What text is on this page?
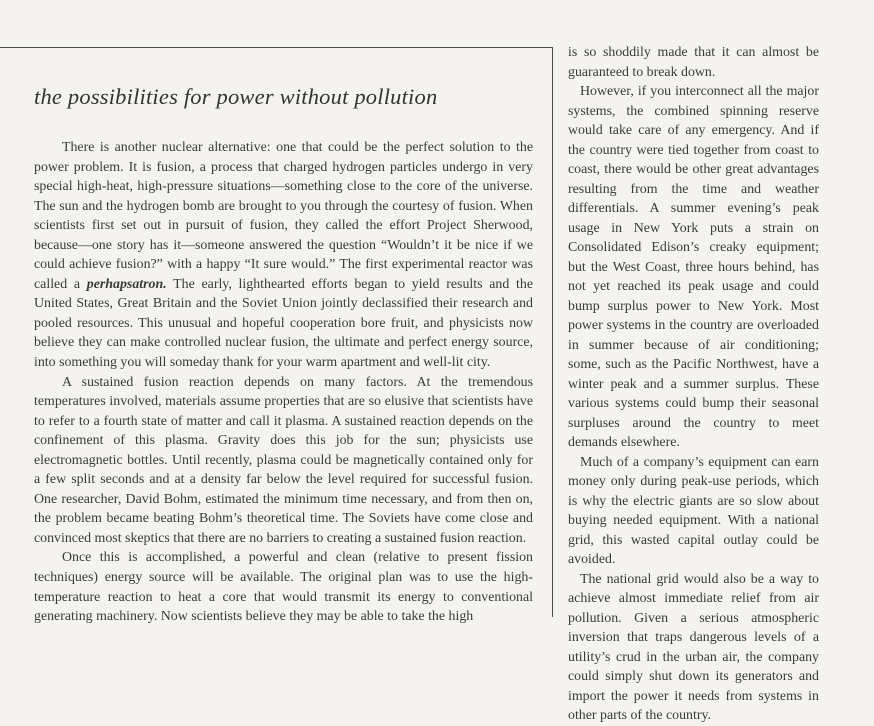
the possibilities for power without pollution

There is another nuclear alternative: one that could be the perfect solution to the power problem. It is fusion, a process that charged hydrogen particles undergo in very special high-heat, high-pressure situations—something close to the core of the universe. The sun and the hydrogen bomb are brought to you through the courtesy of fusion. When scientists first set out in pursuit of fusion, they called the effort Project Sherwood, because—one story has it—someone answered the question “Wouldn’t it be nice if we could achieve fusion?” with a happy “It sure would.” The first experimental reactor was called a perhapsatron. The early, lighthearted efforts began to yield results and the United States, Great Britain and the Soviet Union jointly declassified their research and pooled resources. This unusual and hopeful cooperation bore fruit, and physicists now believe they can make controlled nuclear fusion, the ultimate and perfect energy source, into something you will someday thank for your warm apartment and well-lit city.

A sustained fusion reaction depends on many factors. At the tremendous temperatures involved, materials assume properties that are so elusive that scientists have to refer to a fourth state of matter and call it plasma. A sustained reaction depends on the confinement of this plasma. Gravity does this job for the sun; physicists use electromagnetic bottles. Until recently, plasma could be magnetically contained only for a few split seconds and at a density far below the level required for successful fusion. One researcher, David Bohm, estimated the minimum time necessary, and from then on, the problem became beating Bohm’s theoretical time. The Soviets have come close and convinced most skeptics that there are no barriers to creating a sustained fusion reaction.

Once this is accomplished, a powerful and clean (relative to present fission techniques) energy source will be available. The original plan was to use the high-temperature reaction to heat a core that would transmit its energy to conventional generating machinery. Now scientists believe they may be able to take the high

is so shoddily made that it can almost be guaranteed to break down.

However, if you interconnect all the major systems, the combined spinning reserve would take care of any emergency. And if the country were tied together from coast to coast, there would be other great advantages resulting from the time and weather differentials. A summer evening’s peak usage in New York puts a strain on Consolidated Edison’s creaky equipment; but the West Coast, three hours behind, has not yet reached its peak usage and could bump surplus power to New York. Most power systems in the country are overloaded in summer because of air conditioning; some, such as the Pacific Northwest, have a winter peak and a summer surplus. These various systems could bump their seasonal surpluses around the country to meet demands elsewhere.

Much of a company’s equipment can earn money only during peak-use periods, which is why the electric giants are so slow about buying needed equipment. With a national grid, this wasted capital outlay could be avoided.

The national grid would also be a way to achieve almost immediate relief from air pollution. Given a serious atmospheric inversion that traps dangerous levels of a utility’s crud in the urban air, the company could simply shut down its generators and import the power it needs from systems in other parts of the country.
